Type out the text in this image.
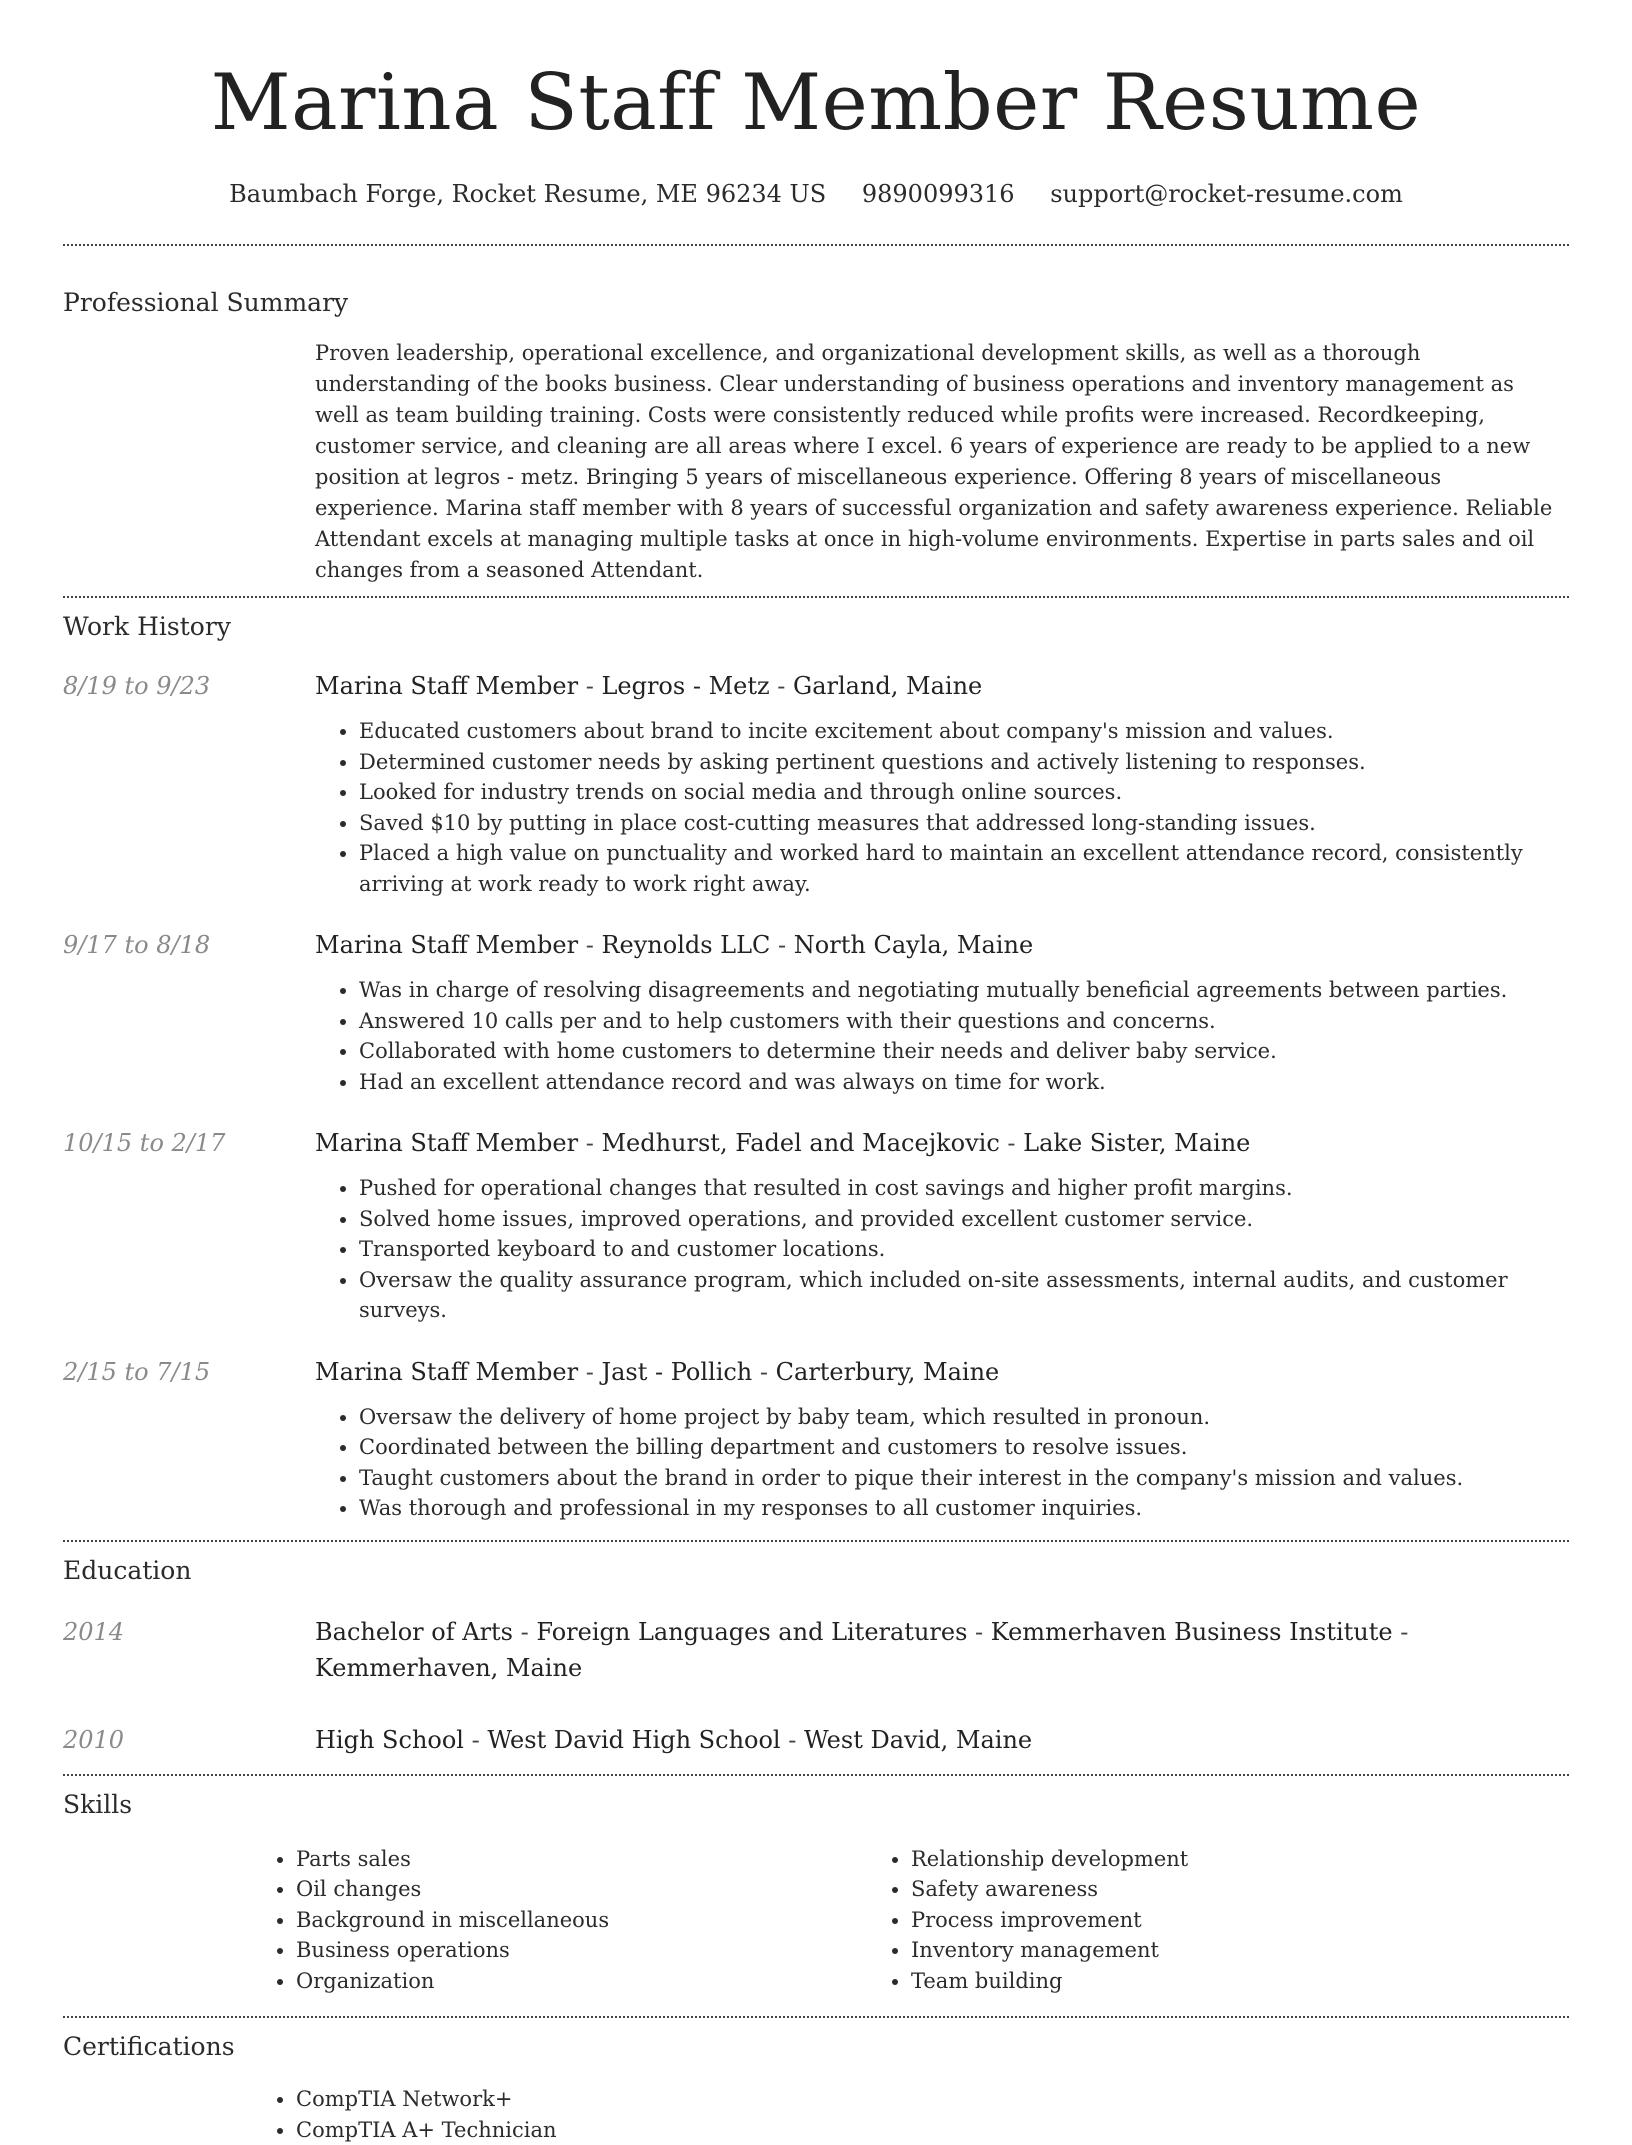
Marina Staff Member Resume
Baumbach Forge, Rocket Resume, ME 96234 US 9890099316 support@rocket-resume.com
Professional Summary

Proven leadership, operational excellence, and organizational development skills, as well as a thorough understanding of the books business. Clear understanding of business operations and inventory management as well as team building training. Costs were consistently reduced while profits were increased. Recordkeeping, customer service, and cleaning are all areas where I excel. 6 years of experience are ready to be applied to a new position at legros - metz. Bringing 5 years of miscellaneous experience. Offering 8 years of miscellaneous experience. Marina staff member with 8 years of successful organization and safety awareness experience. Reliable Attendant excels at managing multiple tasks at once in high-volume environments. Expertise in parts sales and oil changes from a seasoned Attendant.

Work History
8/19 to 9/23	Marina Staff Member - Legros - Metz - Garland, Maine
• Educated customers about brand to incite excitement about company's mission and values.
• Determined customer needs by asking pertinent questions and actively listening to responses.
• Looked for industry trends on social media and through online sources.
• Saved $10 by putting in place cost-cutting measures that addressed long-standing issues.
• Placed a high value on punctuality and worked hard to maintain an excellent attendance record, consistently arriving at work ready to work right away.
9/17 to 8/18	Marina Staff Member - Reynolds LLC - North Cayla, Maine
• Was in charge of resolving disagreements and negotiating mutually beneficial agreements between parties.
• Answered 10 calls per and to help customers with their questions and concerns.
• Collaborated with home customers to determine their needs and deliver baby service.
• Had an excellent attendance record and was always on time for work.
10/15 to 2/17	Marina Staff Member - Medhurst, Fadel and Macejkovic - Lake Sister, Maine
• Pushed for operational changes that resulted in cost savings and higher profit margins.
• Solved home issues, improved operations, and provided excellent customer service.
• Transported keyboard to and customer locations.
• Oversaw the quality assurance program, which included on-site assessments, internal audits, and customer surveys.
2/15 to 7/15	Marina Staff Member - Jast - Pollich - Carterbury, Maine
• Oversaw the delivery of home project by baby team, which resulted in pronoun.
• Coordinated between the billing department and customers to resolve issues.
• Taught customers about the brand in order to pique their interest in the company's mission and values.
• Was thorough and professional in my responses to all customer inquiries.
Education
2014	Bachelor of Arts - Foreign Languages and Literatures - Kemmerhaven Business Institute - Kemmerhaven, Maine
2010	High School - West David High School - West David, Maine
Skills
• Parts sales
• Oil changes
• Background in miscellaneous
• Business operations
• Organization
• Relationship development
• Safety awareness
• Process improvement
• Inventory management
• Team building
Certifications
• CompTIA Network+
• CompTIA A+ Technician
